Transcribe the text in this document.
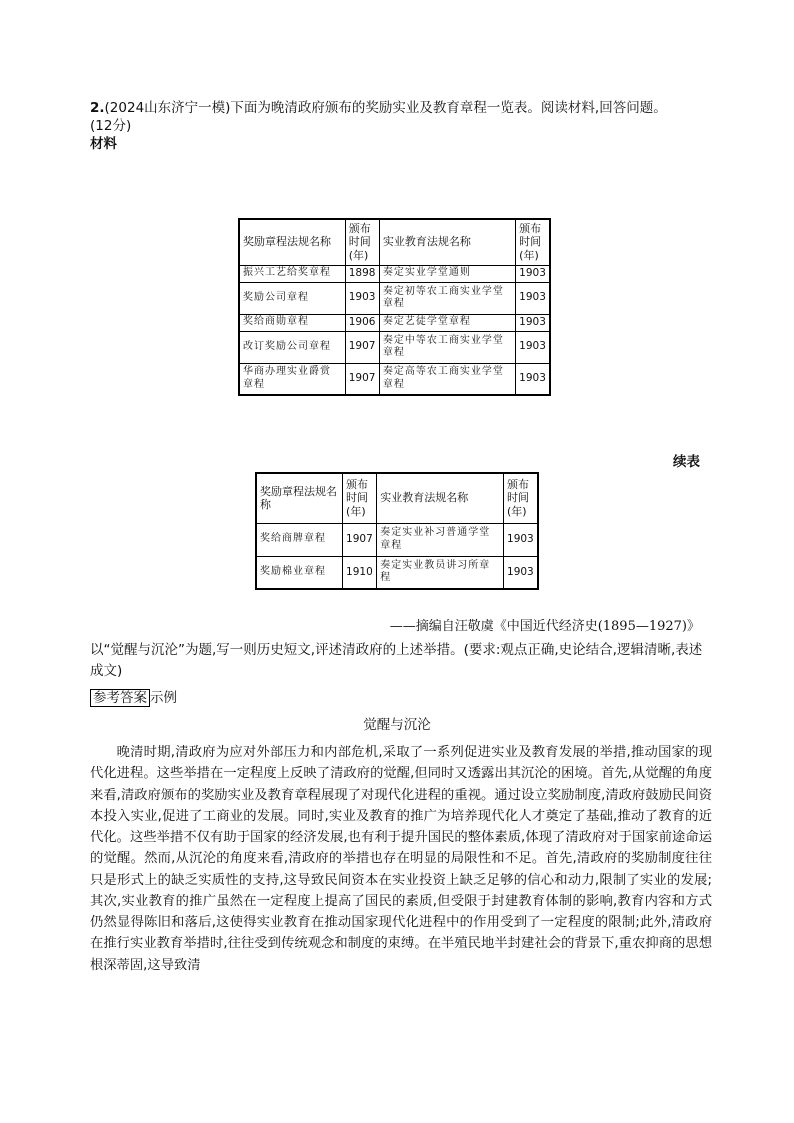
2.(2024山东济宁一模)下面为晚清政府颁布的奖励实业及教育章程一览表。阅读材料,回答问题。
(12分)
材料
奖励章程法规名称	颁布时间(年)	实业教育法规名称	颁布时间(年)
振兴工艺给奖章程	1898	奏定实业学堂通则	1903
奖励公司章程	1903	奏定初等农工商实业学堂章程	1903
奖给商勋章程	1906	奏定艺徒学堂章程	1903
改订奖励公司章程	1907	奏定中等农工商实业学堂章程	1903
华商办理实业爵赏章程	1907	奏定高等农工商实业学堂章程	1903
续表
奖励章程法规名称	颁布时间(年)	实业教育法规名称	颁布时间(年)
奖给商牌章程	1907	奏定实业补习普通学堂章程	1903
奖励棉业章程	1910	奏定实业教员讲习所章程	1903
——摘编自汪敬虞《中国近代经济史(1895—1927)》
以“觉醒与沉沦”为题,写一则历史短文,评述清政府的上述举措。(要求:观点正确,史论结合,逻辑清晰,表述成文)
参考答案 示例
觉醒与沉沦
晚清时期,清政府为应对外部压力和内部危机,采取了一系列促进实业及教育发展的举措,推动国家的现代化进程。这些举措在一定程度上反映了清政府的觉醒,但同时又透露出其沉沦的困境。首先,从觉醒的角度来看,清政府颁布的奖励实业及教育章程展现了对现代化进程的重视。通过设立奖励制度,清政府鼓励民间资本投入实业,促进了工商业的发展。同时,实业及教育的推广为培养现代化人才奠定了基础,推动了教育的近代化。这些举措不仅有助于国家的经济发展,也有利于提升国民的整体素质,体现了清政府对于国家前途命运的觉醒。然而,从沉沦的角度来看,清政府的举措也存在明显的局限性和不足。首先,清政府的奖励制度往往只是形式上的缺乏实质性的支持,这导致民间资本在实业投资上缺乏足够的信心和动力,限制了实业的发展;其次,实业教育的推广虽然在一定程度上提高了国民的素质,但受限于封建教育体制的影响,教育内容和方式仍然显得陈旧和落后,这使得实业教育在推动国家现代化进程中的作用受到了一定程度的限制;此外,清政府在推行实业教育举措时,往往受到传统观念和制度的束缚。在半殖民地半封建社会的背景下,重农抑商的思想根深蒂固,这导致清
